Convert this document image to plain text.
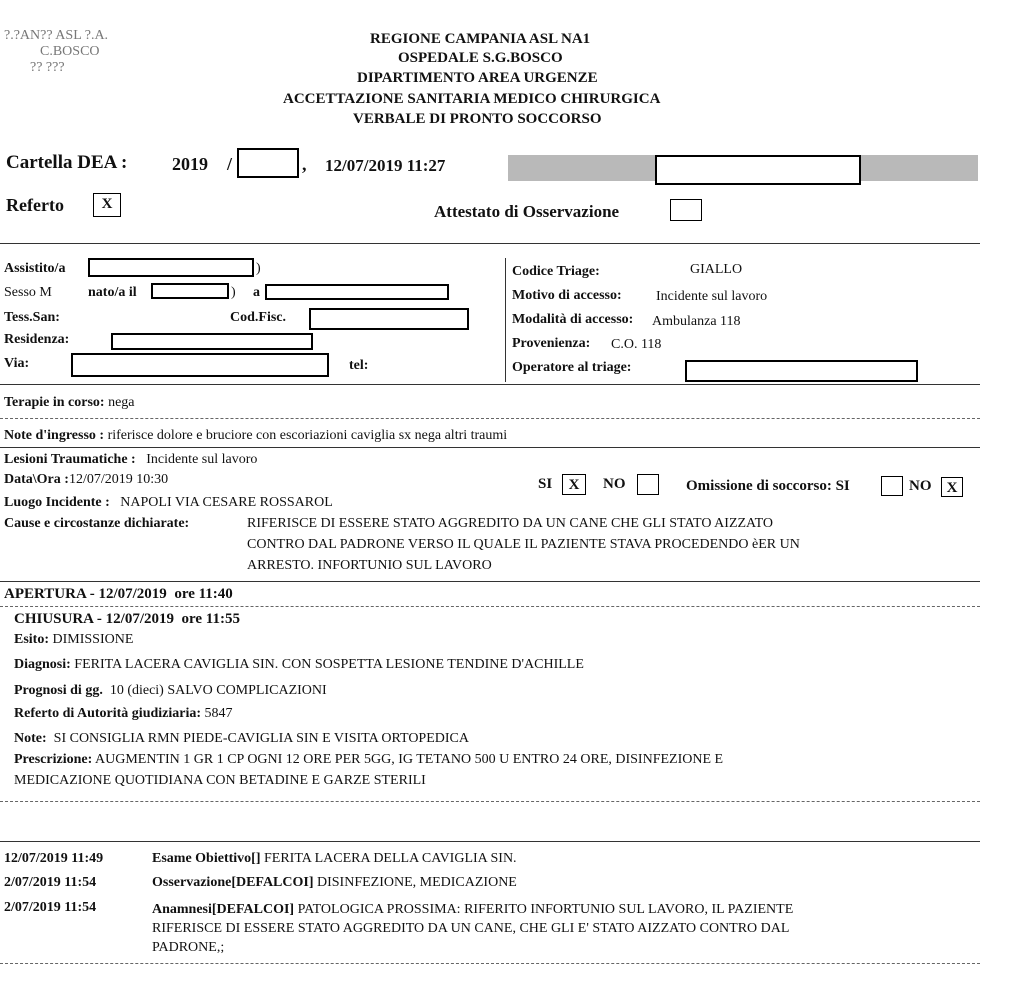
?.?AN?? ASL ?.A.
C.BOSCO
?? ???
REGIONE CAMPANIA ASL NA1
OSPEDALE S.G.BOSCO
DIPARTIMENTO AREA URGENZE
ACCETTAZIONE SANITARIA MEDICO CHIRURGICA
VERBALE DI PRONTO SOCCORSO
Cartella DEA : 2019 /	, 12/07/2019 11:27
Referto	X	Attestato di Osservazione
Assistito/a	)
Sesso M	nato/a il	) a
Tess.San:	Cod.Fisc.
Residenza:
Via:	tel:
Codice Triage:	GIALLO
Motivo di accesso: Incidente sul lavoro
Modalità di accesso: Ambulanza 118
Provenienza: C.O. 118
Operatore al triage:
Terapie in corso: nega
Note d'ingresso : riferisce dolore e bruciore con escoriazioni caviglia sx nega altri traumi
Lesioni Traumatiche : Incidente sul lavoro
Data\Ora :12/07/2019 10:30	SI	X	NO	Omissione di soccorso: SI	NO	X
Luogo Incidente : NAPOLI VIA CESARE ROSSAROL
Cause e circostanze dichiarate:	RIFERISCE DI ESSERE STATO AGGREDITO DA UN CANE CHE GLI STATO AIZZATO
CONTRO DAL PADRONE VERSO IL QUALE IL PAZIENTE STAVA PROCEDENDO èER UN
ARRESTO. INFORTUNIO SUL LAVORO
APERTURA - 12/07/2019 ore 11:40
CHIUSURA - 12/07/2019 ore 11:55
Esito: DIMISSIONE
Diagnosi: FERITA LACERA CAVIGLIA SIN. CON SOSPETTA LESIONE TENDINE D'ACHILLE
Prognosi di gg. 10 (dieci) SALVO COMPLICAZIONI
Referto di Autorità giudiziaria: 5847
Note: SI CONSIGLIA RMN PIEDE-CAVIGLIA SIN E VISITA ORTOPEDICA
Prescrizione: AUGMENTIN 1 GR 1 CP OGNI 12 ORE PER 5GG, IG TETANO 500 U ENTRO 24 ORE, DISINFEZIONE E
MEDICAZIONE QUOTIDIANA CON BETADINE E GARZE STERILI
12/07/2019 11:49	Esame Obiettivo[] FERITA LACERA DELLA CAVIGLIA SIN.
2/07/2019 11:54	Osservazione[DEFALCOI] DISINFEZIONE, MEDICAZIONE
2/07/2019 11:54	Anamnesi[DEFALCOI] PATOLOGICA PROSSIMA: RIFERITO INFORTUNIO SUL LAVORO, IL PAZIENTE
RIFERISCE DI ESSERE STATO AGGREDITO DA UN CANE, CHE GLI E' STATO AIZZATO CONTRO DAL
PADRONE,;
